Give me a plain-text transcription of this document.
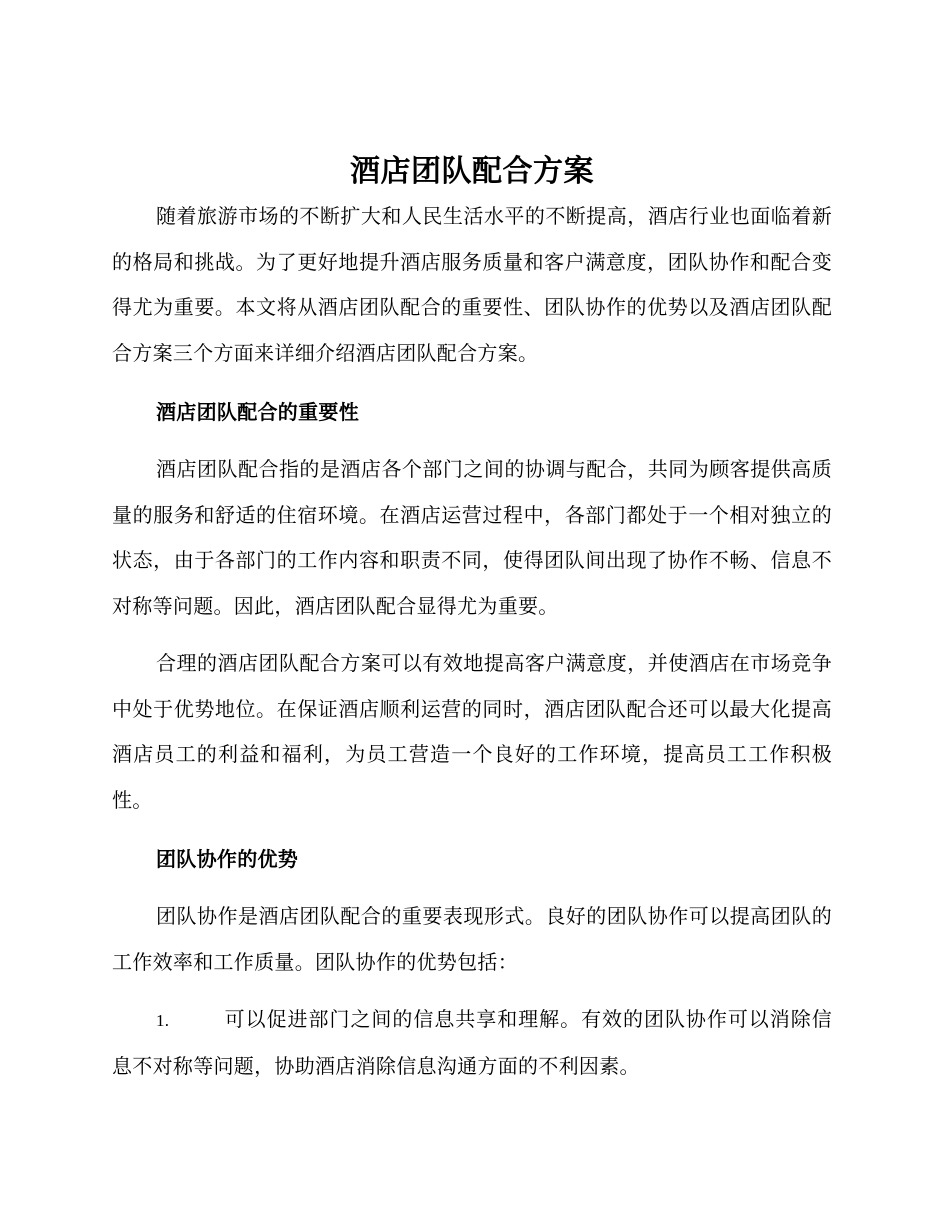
酒店团队配合方案

随着旅游市场的不断扩大和人民生活水平的不断提高，酒店行业也面临着新的格局和挑战。为了更好地提升酒店服务质量和客户满意度，团队协作和配合变得尤为重要。本文将从酒店团队配合的重要性、团队协作的优势以及酒店团队配合方案三个方面来详细介绍酒店团队配合方案。

酒店团队配合的重要性

酒店团队配合指的是酒店各个部门之间的协调与配合，共同为顾客提供高质量的服务和舒适的住宿环境。在酒店运营过程中，各部门都处于一个相对独立的状态，由于各部门的工作内容和职责不同，使得团队间出现了协作不畅、信息不对称等问题。因此，酒店团队配合显得尤为重要。

合理的酒店团队配合方案可以有效地提高客户满意度，并使酒店在市场竞争中处于优势地位。在保证酒店顺利运营的同时，酒店团队配合还可以最大化提高酒店员工的利益和福利，为员工营造一个良好的工作环境，提高员工工作积极性。

团队协作的优势

团队协作是酒店团队配合的重要表现形式。良好的团队协作可以提高团队的工作效率和工作质量。团队协作的优势包括：

1.	可以促进部门之间的信息共享和理解。有效的团队协作可以消除信息不对称等问题，协助酒店消除信息沟通方面的不利因素。
